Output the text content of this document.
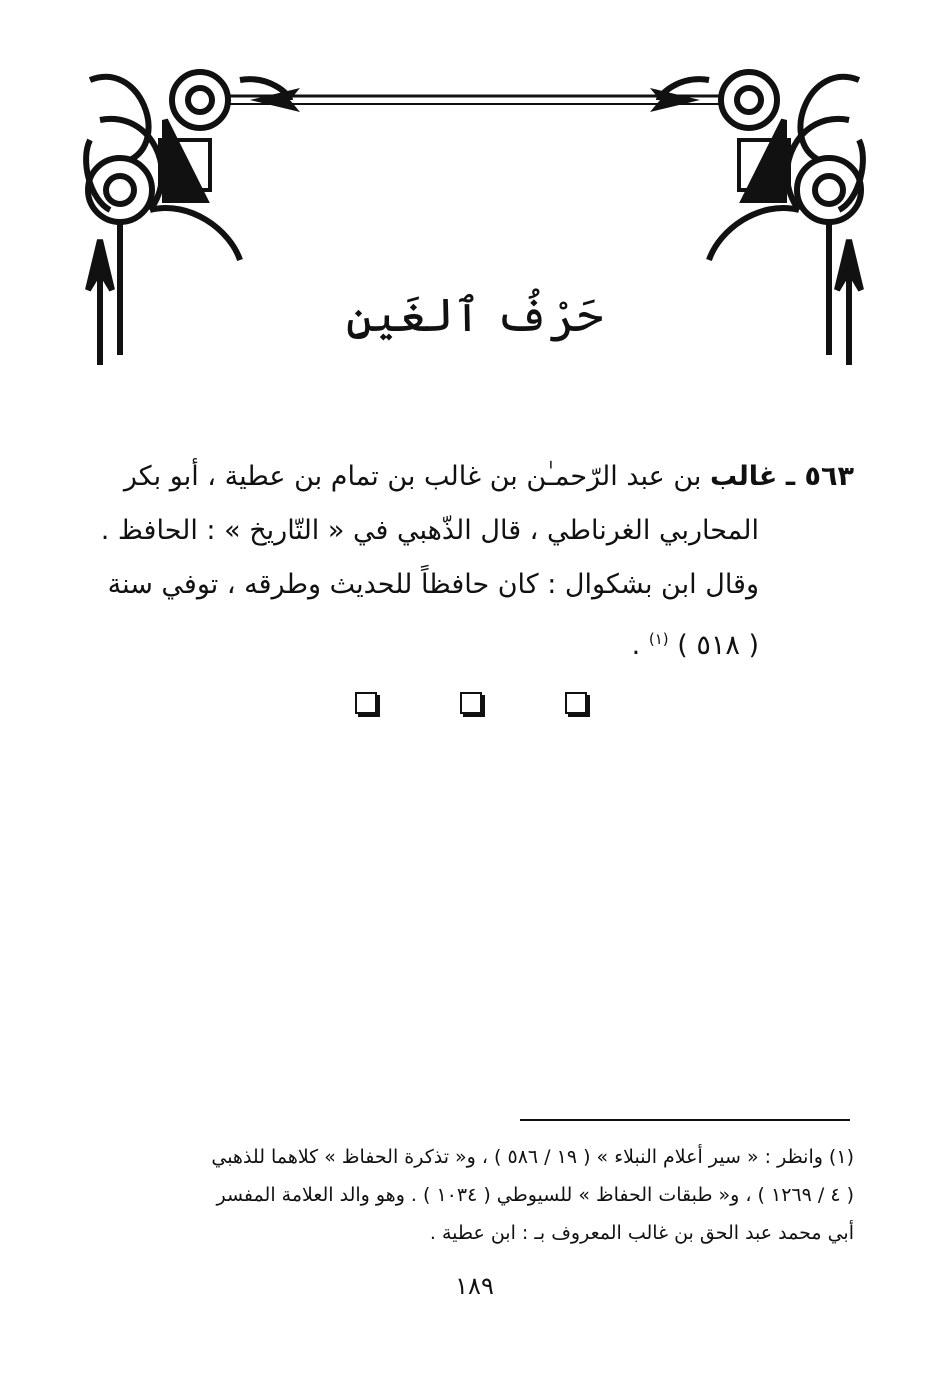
حَرْفُ ٱلغَينِ
٥٦٣ ـ غالب بن عبد الرّحمـٰن بن غالب بن تمام بن عطية ، أبو بكر
المحاربي الغرناطي ، قال الذّهبي في « التّاريخ » : الحافظ .
وقال ابن بشكوال : كان حافظاً للحديث وطرقه ، توفي سنة
( ٥١٨ ) $^{(١)}$ .
(١) وانظر : « سير أعلام النبلاء » ( ١٩ / ٥٨٦ ) ، و« تذكرة الحفاظ » كلاهما للذهبي
( ٤ / ١٢٦٩ ) ، و« طبقات الحفاظ » للسيوطي ( ١٠٣٤ ) . وهو والد العلامة المفسر
أبي محمد عبد الحق بن غالب المعروف بـ : ابن عطية .
١٨٩
